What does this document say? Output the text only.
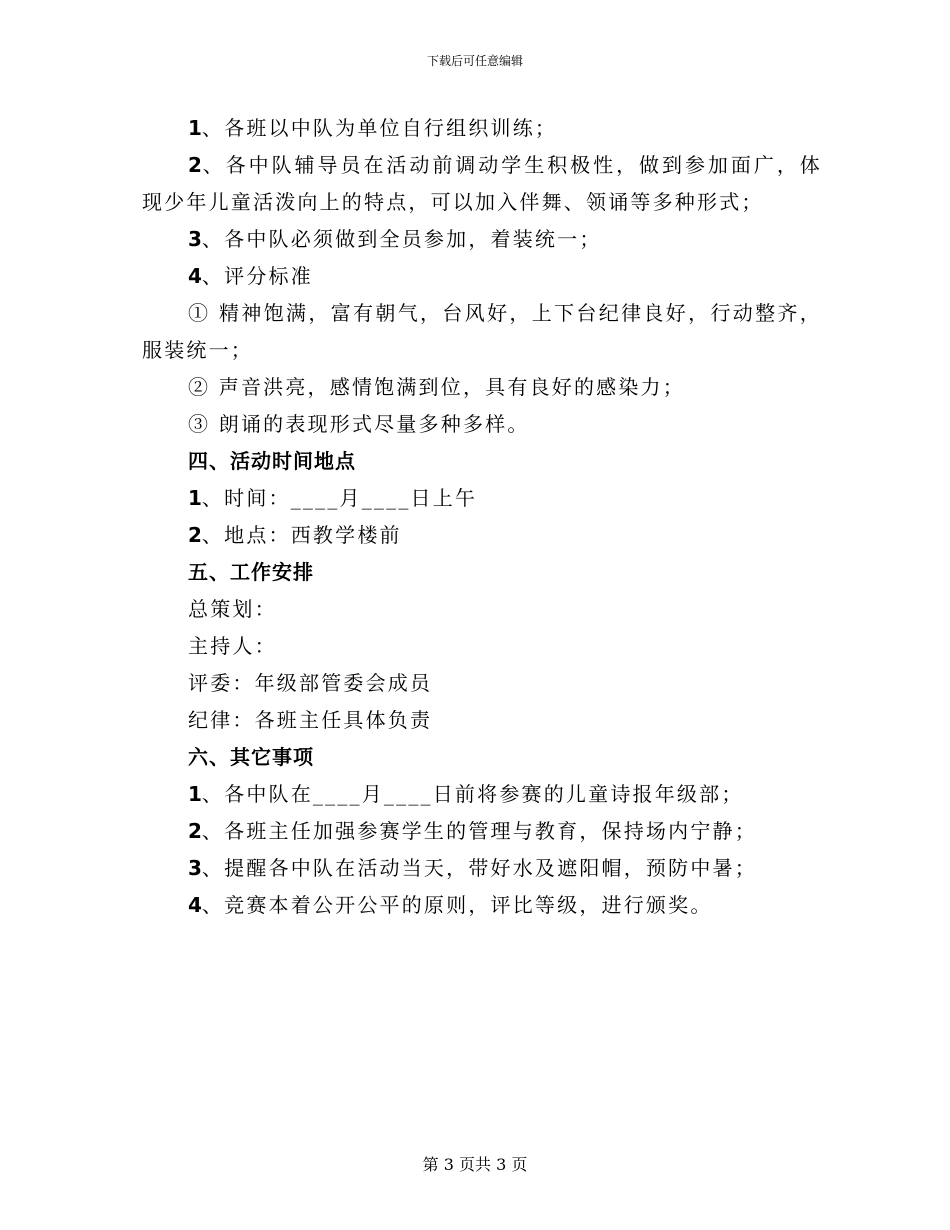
下载后可任意编辑
1、各班以中队为单位自行组织训练；
2、各中队辅导员在活动前调动学生积极性，做到参加面广，体现少年儿童活泼向上的特点，可以加入伴舞、领诵等多种形式；
3、各中队必须做到全员参加，着装统一；
4、评分标准
① 精神饱满，富有朝气，台风好，上下台纪律良好，行动整齐，服装统一；
② 声音洪亮，感情饱满到位，具有良好的感染力；
③ 朗诵的表现形式尽量多种多样。
四、活动时间地点
1、时间：____月____日上午
2、地点：西教学楼前
五、工作安排
总策划：
主持人：
评委：年级部管委会成员
纪律：各班主任具体负责
六、其它事项
1、各中队在____月____日前将参赛的儿童诗报年级部；
2、各班主任加强参赛学生的管理与教育，保持场内宁静；
3、提醒各中队在活动当天，带好水及遮阳帽，预防中暑；
4、竞赛本着公开公平的原则，评比等级，进行颁奖。
第 3 页共 3 页
